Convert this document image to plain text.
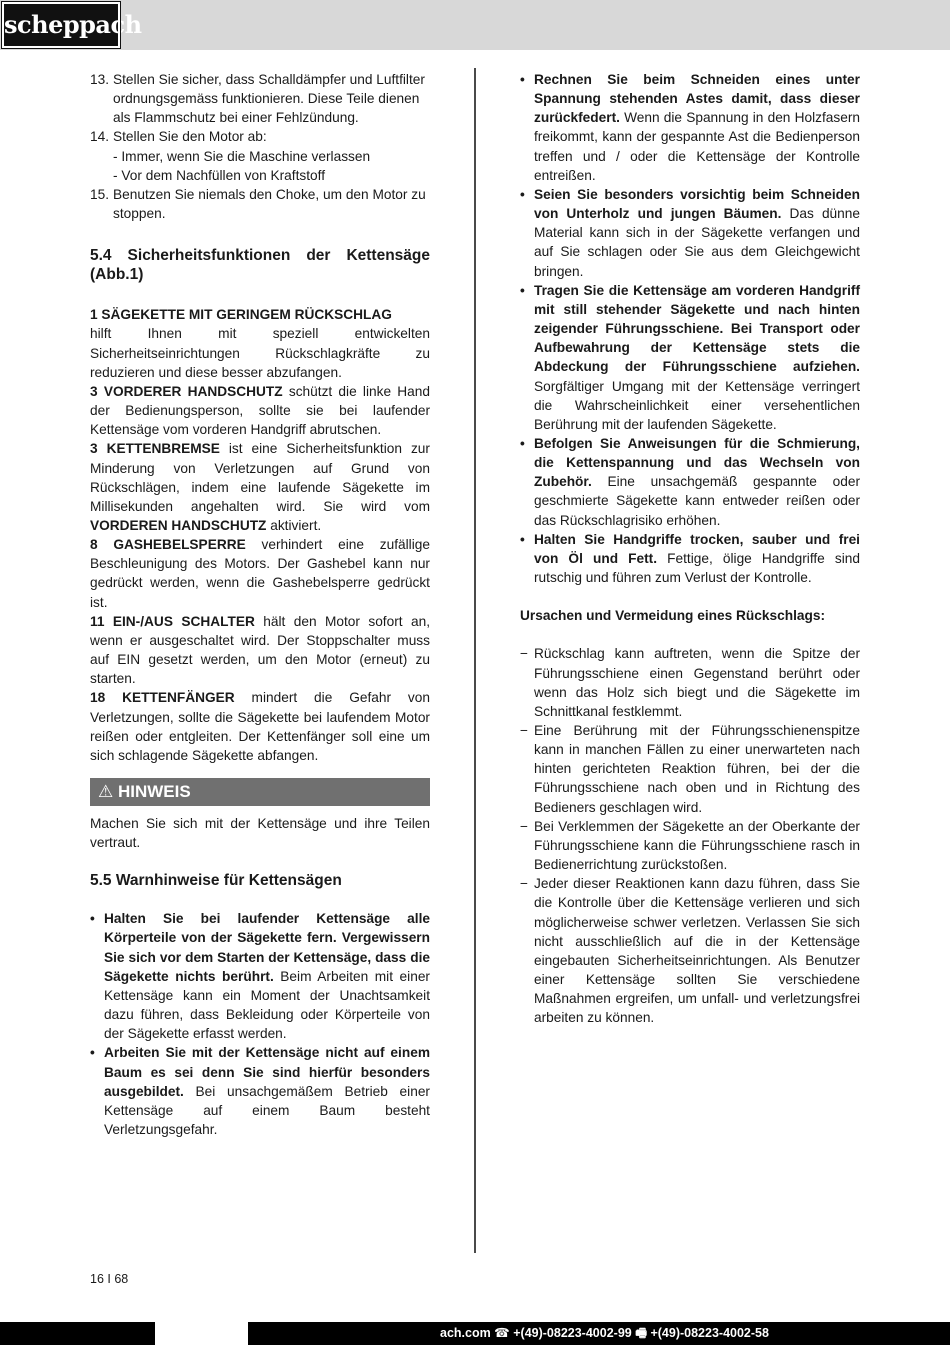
scheppach
13. Stellen Sie sicher, dass Schalldämpfer und Luftfilter ordnungsgemäss funktionieren. Diese Teile dienen als Flammschutz bei einer Fehlzündung.
14. Stellen Sie den Motor ab:
- Immer, wenn Sie die Maschine verlassen
- Vor dem Nachfüllen von Kraftstoff
15. Benutzen Sie niemals den Choke, um den Motor zu stoppen.
5.4 Sicherheitsfunktionen der Kettensäge (Abb.1)

1 SÄGEKETTE MIT GERINGEM RÜCKSCHLAG
hilft Ihnen mit speziell entwickelten Sicherheitseinrichtungen Rückschlagkräfte zu reduzieren und diese besser abzufangen.

3 VORDERER HANDSCHUTZ schützt die linke Hand der Bedienungsperson, sollte sie bei laufender Kettensäge vom vorderen Handgriff abrutschen.

3 KETTENBREMSE ist eine Sicherheitsfunktion zur Minderung von Verletzungen auf Grund von Rückschlägen, indem eine laufende Sägekette im Millisekunden angehalten wird. Sie wird vom VORDEREN HANDSCHUTZ aktiviert.

8 GASHEBELSPERRE verhindert eine zufällige Beschleunigung des Motors. Der Gashebel kann nur gedrückt werden, wenn die Gashebelsperre gedrückt ist.

11 EIN-/AUS SCHALTER hält den Motor sofort an, wenn er ausgeschaltet wird. Der Stoppschalter muss auf EIN gesetzt werden, um den Motor (erneut) zu starten.

18 KETTENFÄNGER mindert die Gefahr von Verletzungen, sollte die Sägekette bei laufendem Motor reißen oder entgleiten. Der Kettenfänger soll eine um sich schlagende Sägekette abfangen.

⚠ HINWEIS

Machen Sie sich mit der Kettensäge und ihre Teilen vertraut.

5.5 Warnhinweise für Kettensägen
• Halten Sie bei laufender Kettensäge alle Körperteile von der Sägekette fern. Vergewissern Sie sich vor dem Starten der Kettensäge, dass die Sägekette nichts berührt. Beim Arbeiten mit einer Kettensäge kann ein Moment der Unachtsamkeit dazu führen, dass Bekleidung oder Körperteile von der Sägekette erfasst werden.
• Arbeiten Sie mit der Kettensäge nicht auf einem Baum es sei denn Sie sind hierfür besonders ausgebildet. Bei unsachgemäßem Betrieb einer Kettensäge auf einem Baum besteht Verletzungsgefahr.
• Rechnen Sie beim Schneiden eines unter Spannung stehenden Astes damit, dass dieser zurückfedert. Wenn die Spannung in den Holzfasern freikommt, kann der gespannte Ast die Bedienperson treffen und / oder die Kettensäge der Kontrolle entreißen.
• Seien Sie besonders vorsichtig beim Schneiden von Unterholz und jungen Bäumen. Das dünne Material kann sich in der Sägekette verfangen und auf Sie schlagen oder Sie aus dem Gleichgewicht bringen.
• Tragen Sie die Kettensäge am vorderen Handgriff mit still stehender Sägekette und nach hinten zeigender Führungsschiene. Bei Transport oder Aufbewahrung der Kettensäge stets die Abdeckung der Führungsschiene aufziehen. Sorgfältiger Umgang mit der Kettensäge verringert die Wahrscheinlichkeit einer versehentlichen Berührung mit der laufenden Sägekette.
• Befolgen Sie Anweisungen für die Schmierung, die Kettenspannung und das Wechseln von Zubehör. Eine unsachgemäß gespannte oder geschmierte Sägekette kann entweder reißen oder das Rückschlagrisiko erhöhen.
• Halten Sie Handgriffe trocken, sauber und frei von Öl und Fett. Fettige, ölige Handgriffe sind rutschig und führen zum Verlust der Kontrolle.

Ursachen und Vermeidung eines Rückschlags:

− Rückschlag kann auftreten, wenn die Spitze der Führungsschiene einen Gegenstand berührt oder wenn das Holz sich biegt und die Sägekette im Schnittkanal festklemmt.
− Eine Berührung mit der Führungsschienenspitze kann in manchen Fällen zu einer unerwarteten nach hinten gerichteten Reaktion führen, bei der die Führungsschiene nach oben und in Richtung des Bedieners geschlagen wird.
− Bei Verklemmen der Sägekette an der Oberkante der Führungsschiene kann die Führungsschiene rasch in Bedienerrichtung zurückstoßen.
− Jeder dieser Reaktionen kann dazu führen, dass Sie die Kontrolle über die Kettensäge verlieren und sich möglicherweise schwer verletzen. Verlassen Sie sich nicht ausschließlich auf die in der Kettensäge eingebauten Sicherheitseinrichtungen. Als Benutzer einer Kettensäge sollten Sie verschiedene Maßnahmen ergreifen, um unfall- und verletzungsfrei arbeiten zu können.
16 I 68
ach.com ☎ +(49)-08223-4002-99 🖷 +(49)-08223-4002-58
